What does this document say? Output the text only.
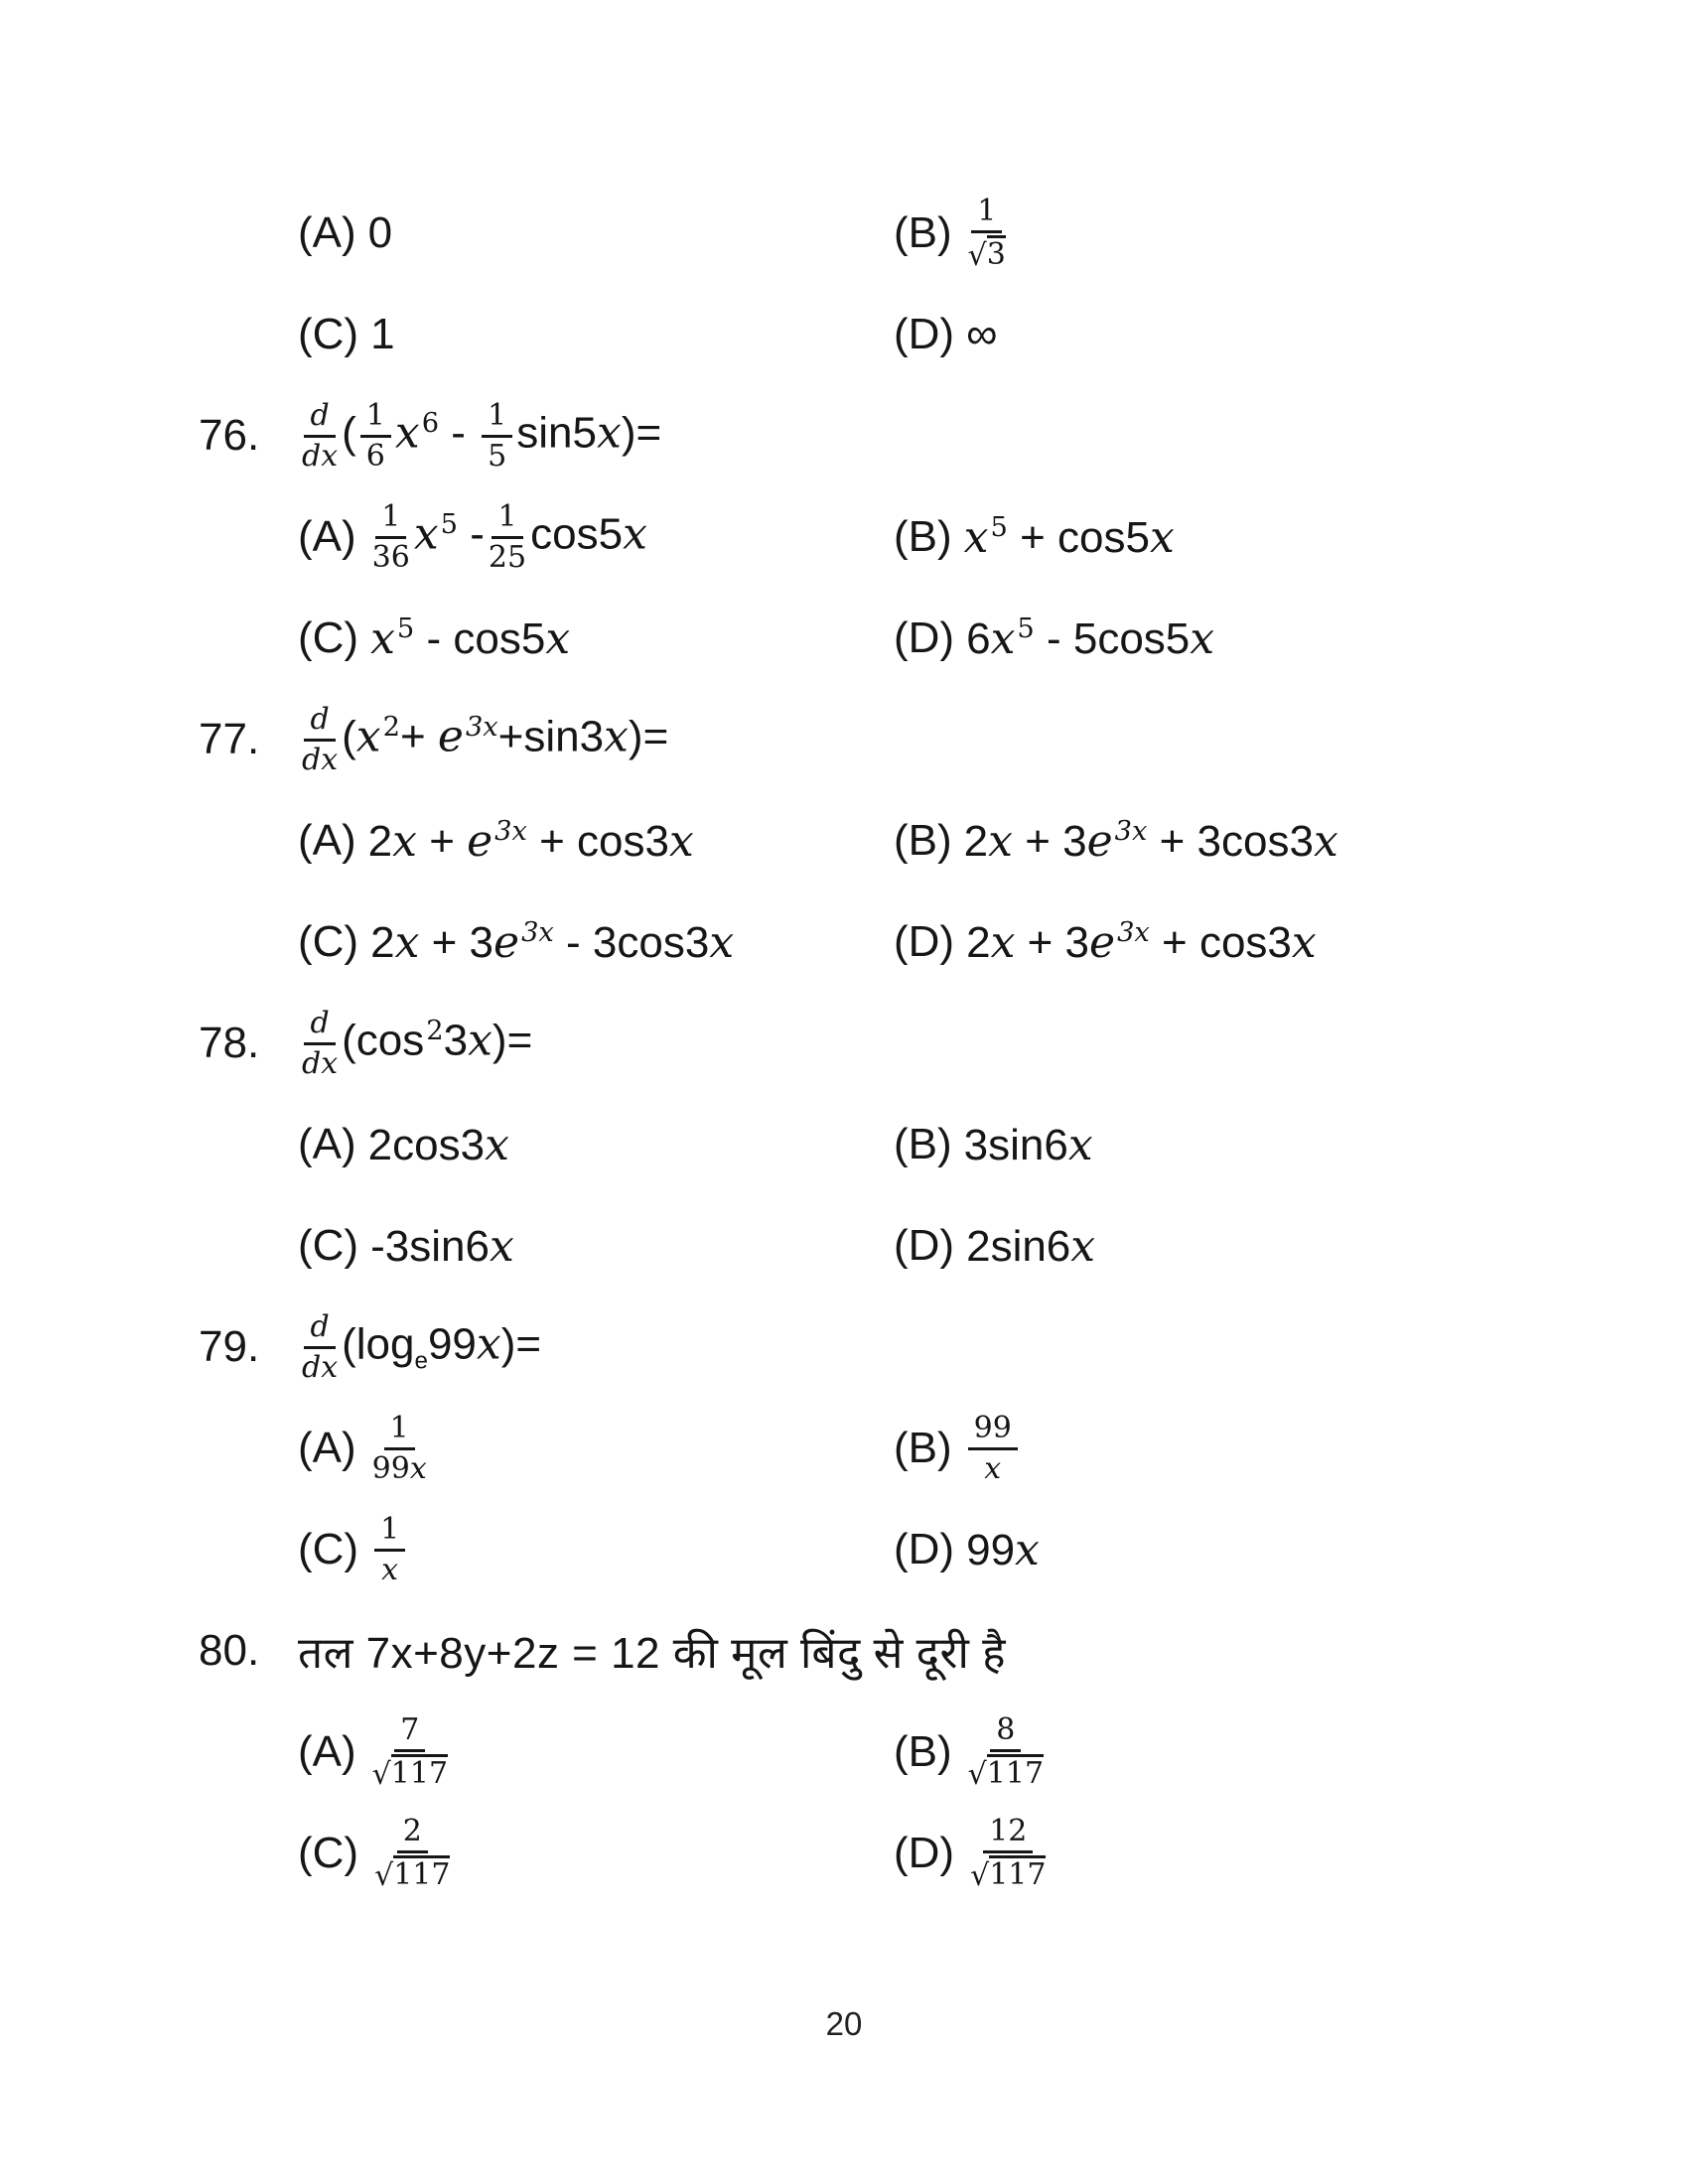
(A) 0	$(B) \frac{1}{√3}$
(C) 1	(D) ∞
76.	$\frac{d}{dx}$ ( $\frac{1}{6} x^6 - \frac{1}{5} \sin 5x)=$
$(A) \frac{1}{36} x^5 - \frac{1}{25} \cos 5x$	(B) $x^5 + \cos 5x$
(C) $x^5 - \cos 5x$	(D) $6x^5 - 5\cos 5x$
77.	$\frac{d}{dx} (x^2+ e^{3x}+\sin 3x)=$
(A) $2x + e^{3x} + \cos 3x$	(B) $2x + 3e^{3x} + 3\cos 3x$
(C) $2x + 3e^{3x} - 3\cos 3x$	(D) $2x + 3e^{3x} + \cos 3x$
78.	$\frac{d}{dx} (\cos^23x)=$
(A) 2cos3x	(B) 3sin6x
(C) -3sin6x	(D) 2sin6x
79.	$\frac{d}{dx} (\log_e99x)=$
$(A) \frac{1}{99x}$	$(B) \frac{99}{x}$
$(C) \frac{1}{x}$	(D) 99x
80. तल 7x+8y+2z = 12 की मूल बिंदु से दूरी है
$(A) \frac{7}{√117}$	$(B) \frac{8}{√117}$
$(C) \frac{2}{√117}$	$(D) \frac{12}{√117}$
20
